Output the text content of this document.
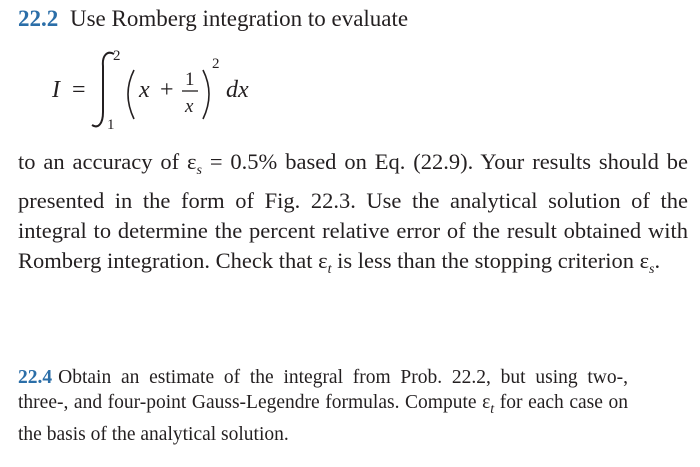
22.2 Use Romberg integration to evaluate
I =
2
1
x + 1
x
2
dx

to an accuracy of $\varepsilon_s = 0.5\%$ based on Eq. (22.9). Your results should be presented in the form of Fig. 22.3. Use the analytical solution of the integral to determine the percent relative error of the result obtained with Romberg integration. Check that $\varepsilon_t$ is less than the stopping criterion $\varepsilon_s$.

22.4 Obtain an estimate of the integral from Prob. 22.2, but using two-, three-, and four-point Gauss-Legendre formulas. Compute $\varepsilon_t$ for each case on the basis of the analytical solution.
